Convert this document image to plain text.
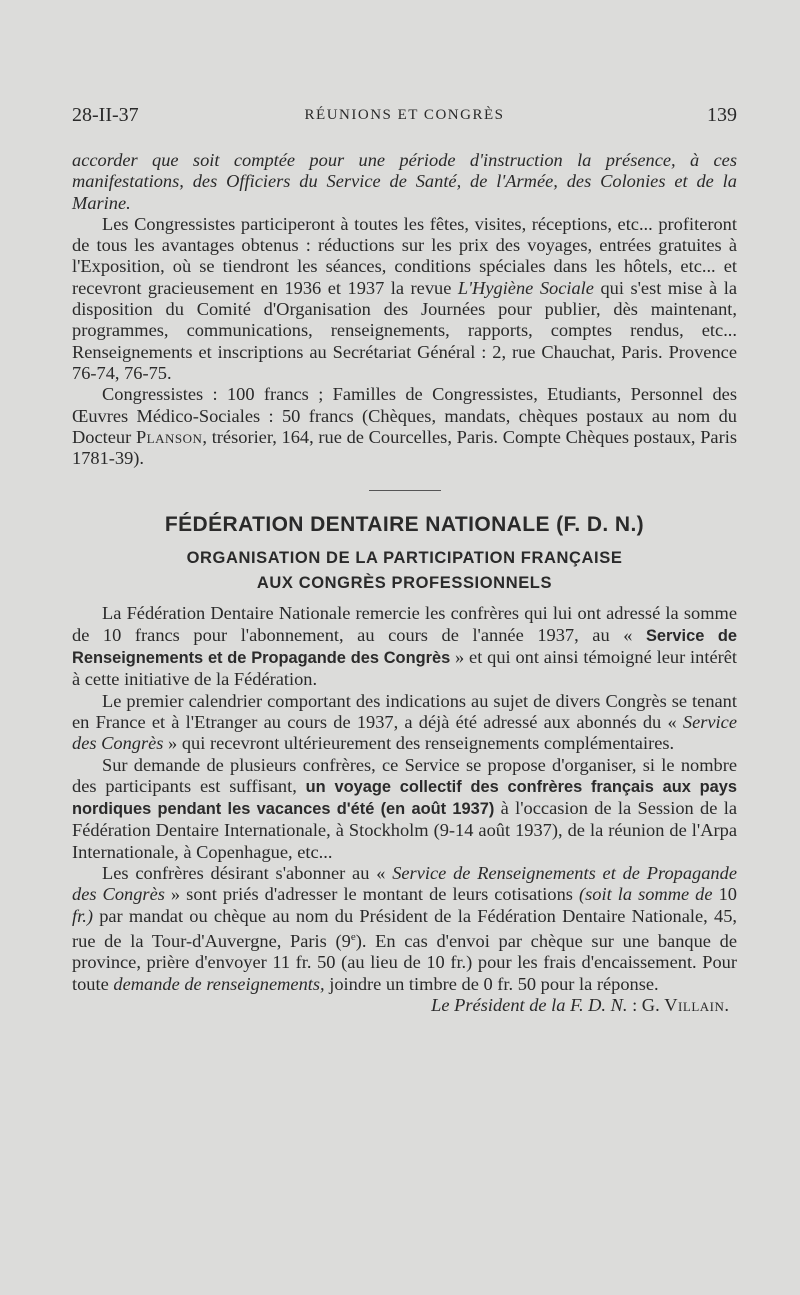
28-II-37	RÉUNIONS ET CONGRÈS	139

accorder que soit comptée pour une période d'instruction la présence, à ces manifestations, des Officiers du Service de Santé, de l'Armée, des Colonies et de la Marine.

Les Congressistes participeront à toutes les fêtes, visites, réceptions, etc... profiteront de tous les avantages obtenus : réductions sur les prix des voyages, entrées gratuites à l'Exposition, où se tiendront les séances, conditions spéciales dans les hôtels, etc... et recevront gracieusement en 1936 et 1937 la revue L'Hygiène Sociale qui s'est mise à la disposition du Comité d'Organisation des Journées pour publier, dès maintenant, programmes, communications, renseignements, rapports, comptes rendus, etc... Renseignements et inscriptions au Secrétariat Général : 2, rue Chauchat, Paris. Provence 76-74, 76-75.

Congressistes : 100 francs ; Familles de Congressistes, Etudiants, Personnel des Œuvres Médico-Sociales : 50 francs (Chèques, mandats, chèques postaux au nom du Docteur Planson, trésorier, 164, rue de Courcelles, Paris. Compte Chèques postaux, Paris 1781-39).

FÉDÉRATION DENTAIRE NATIONALE (F. D. N.)
ORGANISATION DE LA PARTICIPATION FRANÇAISE
AUX CONGRÈS PROFESSIONNELS

La Fédération Dentaire Nationale remercie les confrères qui lui ont adressé la somme de 10 francs pour l'abonnement, au cours de l'année 1937, au « Service de Renseignements et de Propagande des Congrès » et qui ont ainsi témoigné leur intérêt à cette initiative de la Fédération.

Le premier calendrier comportant des indications au sujet de divers Congrès se tenant en France et à l'Etranger au cours de 1937, a déjà été adressé aux abonnés du « Service des Congrès » qui recevront ultérieurement des renseignements complémentaires.

Sur demande de plusieurs confrères, ce Service se propose d'organiser, si le nombre des participants est suffisant, un voyage collectif des confrères français aux pays nordiques pendant les vacances d'été (en août 1937) à l'occasion de la Session de la Fédération Dentaire Internationale, à Stockholm (9-14 août 1937), de la réunion de l'Arpa Internationale, à Copenhague, etc...

Les confrères désirant s'abonner au « Service de Renseignements et de Propagande des Congrès » sont priés d'adresser le montant de leurs cotisations (soit la somme de 10 fr.) par mandat ou chèque au nom du Président de la Fédération Dentaire Nationale, 45, rue de la Tour-d'Auvergne, Paris (9e). En cas d'envoi par chèque sur une banque de province, prière d'envoyer 11 fr. 50 (au lieu de 10 fr.) pour les frais d'encaissement. Pour toute demande de renseignements, joindre un timbre de 0 fr. 50 pour la réponse.

Le Président de la F. D. N. : G. Villain.
